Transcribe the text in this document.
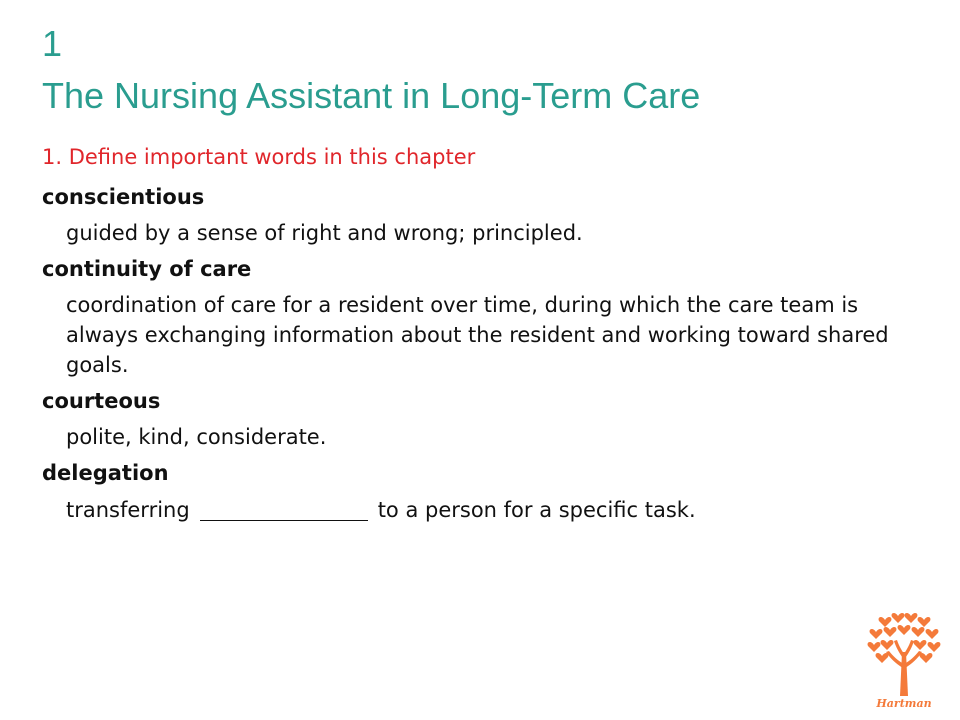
1
The Nursing Assistant in Long-Term Care
1. Define important words in this chapter
conscientious
guided by a sense of right and wrong; principled.
continuity of care
coordination of care for a resident over time, during which the care team is always exchanging information about the resident and working toward shared goals.
courteous
polite, kind, considerate.
delegation
transferring	to a person for a specific task.
Hartman
